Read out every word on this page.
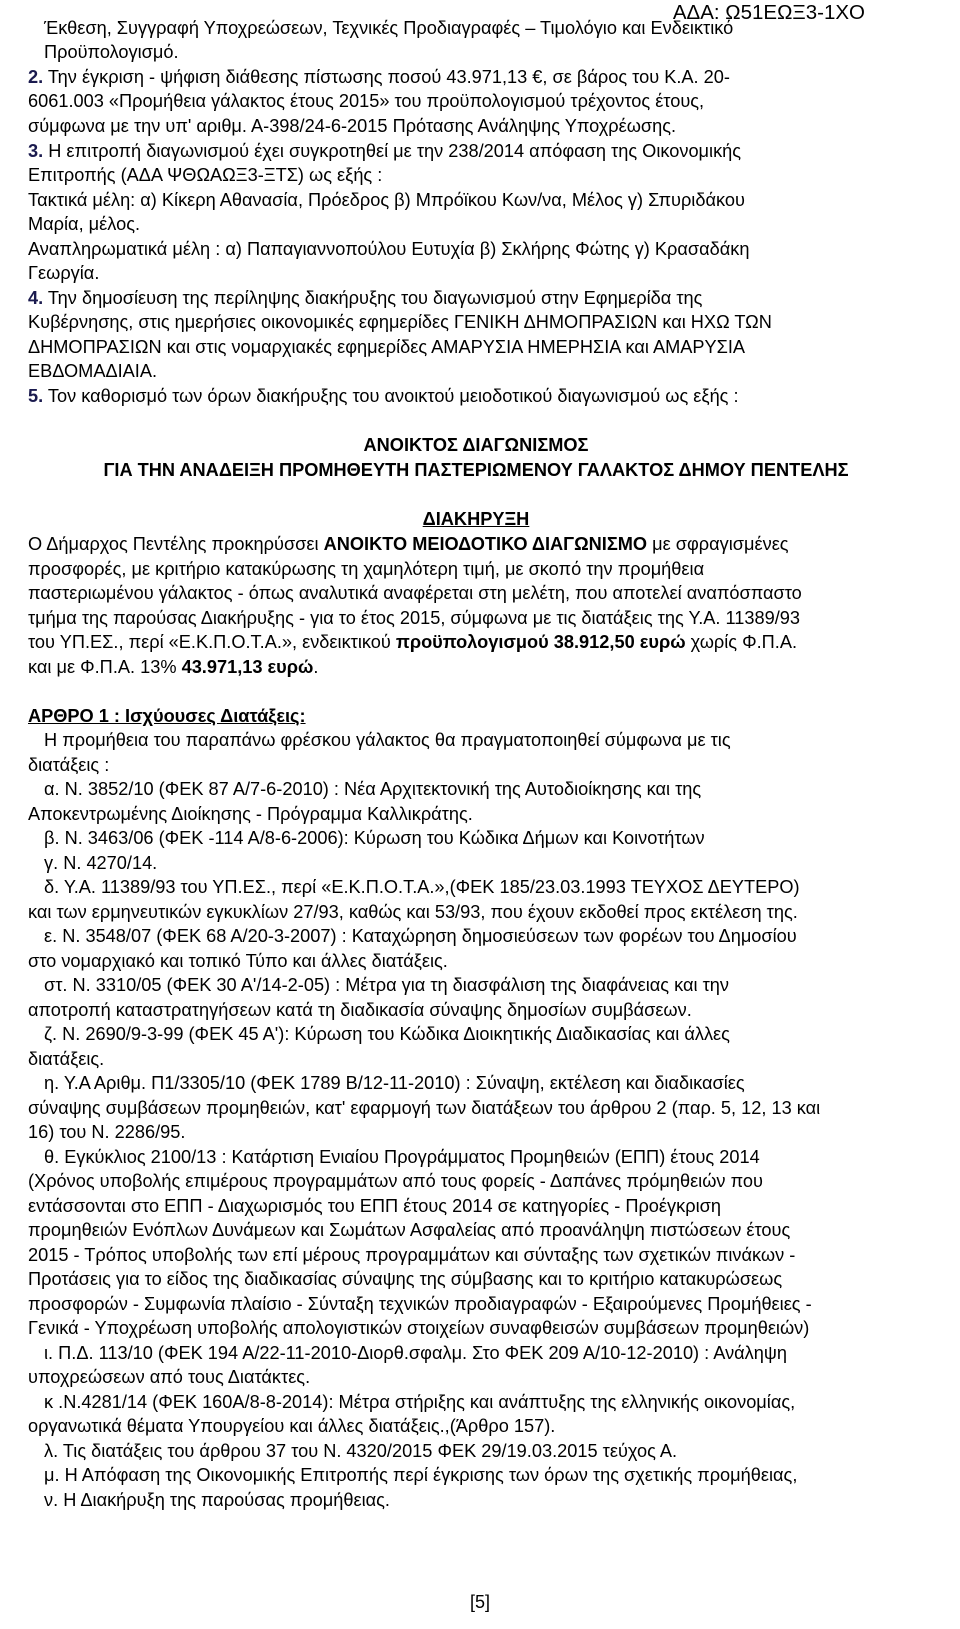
ΑΔΑ: Ω51ΕΩΞ3-1ΧΟ
Έκθεση, Συγγραφή Υποχρεώσεων, Τεχνικές Προδιαγραφές – Τιμολόγιο και Ενδεικτικό
Προϋπολογισμό.
2. Την έγκριση - ψήφιση διάθεσης πίστωσης ποσού 43.971,13 €, σε βάρος του Κ.Α. 20-
6061.003 «Προμήθεια γάλακτος έτους 2015» του προϋπολογισμού τρέχοντος έτους,
σύμφωνα με την υπ' αριθμ. Α-398/24-6-2015 Πρότασης Ανάληψης Υποχρέωσης.
3. Η επιτροπή διαγωνισμού έχει συγκροτηθεί με την 238/2014 απόφαση της Οικονομικής
Επιτροπής (ΑΔΑ ΨΘΩΑΩΞ3-ΞΤΣ) ως εξής :
Τακτικά μέλη: α) Κίκερη Αθανασία, Πρόεδρος β) Μπρόϊκου Κων/να, Μέλος γ) Σπυριδάκου
Μαρία, μέλος.
Αναπληρωματικά μέλη : α) Παπαγιαννοπούλου Ευτυχία β) Σκλήρης Φώτης γ) Κρασαδάκη
Γεωργία.
4. Την δημοσίευση της περίληψης διακήρυξης του διαγωνισμού στην Εφημερίδα της
Κυβέρνησης, στις ημερήσιες οικονομικές εφημερίδες ΓΕΝΙΚΗ ΔΗΜΟΠΡΑΣΙΩΝ και ΗΧΩ ΤΩΝ
ΔΗΜΟΠΡΑΣΙΩΝ και στις νομαρχιακές εφημερίδες ΑΜΑΡΥΣΙΑ ΗΜΕΡΗΣΙΑ και ΑΜΑΡΥΣΙΑ
ΕΒΔΟΜΑΔΙΑΙΑ.
5. Τον καθορισμό των όρων διακήρυξης του ανοικτού μειοδοτικού διαγωνισμού ως εξής :
ΑΝΟΙΚΤΟΣ ΔΙΑΓΩΝΙΣΜΟΣ
ΓΙΑ ΤΗΝ ΑΝΑΔΕΙΞΗ ΠΡΟΜΗΘΕΥΤΗ ΠΑΣΤΕΡΙΩΜΕΝΟΥ ΓΑΛΑΚΤΟΣ ΔΗΜΟΥ ΠΕΝΤΕΛΗΣ
ΔΙΑΚΗΡΥΞΗ
Ο Δήμαρχος Πεντέλης προκηρύσσει ΑΝΟΙΚΤΟ ΜΕΙΟΔΟΤΙΚΟ ΔΙΑΓΩΝΙΣΜΟ με σφραγισμένες
προσφορές, με κριτήριο κατακύρωσης τη χαμηλότερη τιμή, με σκοπό την προμήθεια
παστεριωμένου γάλακτος - όπως αναλυτικά αναφέρεται στη μελέτη, που αποτελεί αναπόσπαστο
τμήμα της παρούσας Διακήρυξης - για το έτος 2015, σύμφωνα με τις διατάξεις της Υ.Α. 11389/93
του ΥΠ.ΕΣ., περί «Ε.Κ.Π.Ο.Τ.Α.», ενδεικτικού προϋπολογισμού 38.912,50 ευρώ χωρίς Φ.Π.Α.
και με Φ.Π.Α. 13% 43.971,13 ευρώ.
ΑΡΘΡΟ 1 : Ισχύουσες Διατάξεις:
Η προμήθεια του παραπάνω φρέσκου γάλακτος θα πραγματοποιηθεί σύμφωνα με τις
διατάξεις :
α. Ν. 3852/10 (ΦΕΚ 87 Α/7-6-2010) : Νέα Αρχιτεκτονική της Αυτοδιοίκησης και της
Αποκεντρωμένης Διοίκησης - Πρόγραμμα Καλλικράτης.
β. Ν. 3463/06 (ΦΕΚ -114 Α/8-6-2006): Κύρωση του Κώδικα Δήμων και Κοινοτήτων
γ. Ν. 4270/14.
δ. Υ.Α. 11389/93 του ΥΠ.ΕΣ., περί «Ε.Κ.Π.Ο.Τ.Α.»,(ΦΕΚ 185/23.03.1993 ΤΕΥΧΟΣ ΔΕΥΤΕΡΟ)
και των ερμηνευτικών εγκυκλίων 27/93, καθώς και 53/93, που έχουν εκδοθεί προς εκτέλεση της.
ε. Ν. 3548/07 (ΦΕΚ 68 Α/20-3-2007) : Καταχώρηση δημοσιεύσεων των φορέων του Δημοσίου
στο νομαρχιακό και τοπικό Τύπο και άλλες διατάξεις.
στ. Ν. 3310/05 (ΦΕΚ 30 Α'/14-2-05) : Μέτρα για τη διασφάλιση της διαφάνειας και την
αποτροπή καταστρατηγήσεων κατά τη διαδικασία σύναψης δημοσίων συμβάσεων.
ζ. Ν. 2690/9-3-99 (ΦΕΚ 45 Α'): Κύρωση του Κώδικα Διοικητικής Διαδικασίας και άλλες
διατάξεις.
η. Υ.Α Αριθμ. Π1/3305/10 (ΦΕΚ 1789 Β/12-11-2010) : Σύναψη, εκτέλεση και διαδικασίες
σύναψης συμβάσεων προμηθειών, κατ' εφαρμογή των διατάξεων του άρθρου 2 (παρ. 5, 12, 13 και
16) του Ν. 2286/95.
θ. Εγκύκλιος 2100/13 : Κατάρτιση Ενιαίου Προγράμματος Προμηθειών (ΕΠΠ) έτους 2014
(Χρόνος υποβολής επιμέρους προγραμμάτων από τους φορείς - Δαπάνες πρόμηθειών που
εντάσσονται στο ΕΠΠ - Διαχωρισμός του ΕΠΠ έτους 2014 σε κατηγορίες - Προέγκριση
προμηθειών Ενόπλων Δυνάμεων και Σωμάτων Ασφαλείας από προανάληψη πιστώσεων έτους
2015 - Τρόπος υποβολής των επί μέρους προγραμμάτων και σύνταξης των σχετικών πινάκων -
Προτάσεις για το είδος της διαδικασίας σύναψης της σύμβασης και το κριτήριο κατακυρώσεως
προσφορών - Συμφωνία πλαίσιο - Σύνταξη τεχνικών προδιαγραφών - Εξαιρούμενες Προμήθειες -
Γενικά - Υποχρέωση υποβολής απολογιστικών στοιχείων συναφθεισών συμβάσεων προμηθειών)
ι. Π.Δ. 113/10 (ΦΕΚ 194 Α/22-11-2010-Διορθ.σφαλμ. Στο ΦΕΚ 209 Α/10-12-2010) : Ανάληψη
υποχρεώσεων από τους Διατάκτες.
κ .Ν.4281/14 (ΦΕΚ 160Α/8-8-2014): Μέτρα στήριξης και ανάπτυξης της ελληνικής οικονομίας,
οργανωτικά θέματα Υπουργείου και άλλες διατάξεις.,(Άρθρο 157).
λ. Τις διατάξεις του άρθρου 37 του Ν. 4320/2015 ΦΕΚ 29/19.03.2015 τεύχος Α.
μ. Η Απόφαση της Οικονομικής Επιτροπής περί έγκρισης των όρων της σχετικής προμήθειας,
ν. Η Διακήρυξη της παρούσας προμήθειας.
[5]
